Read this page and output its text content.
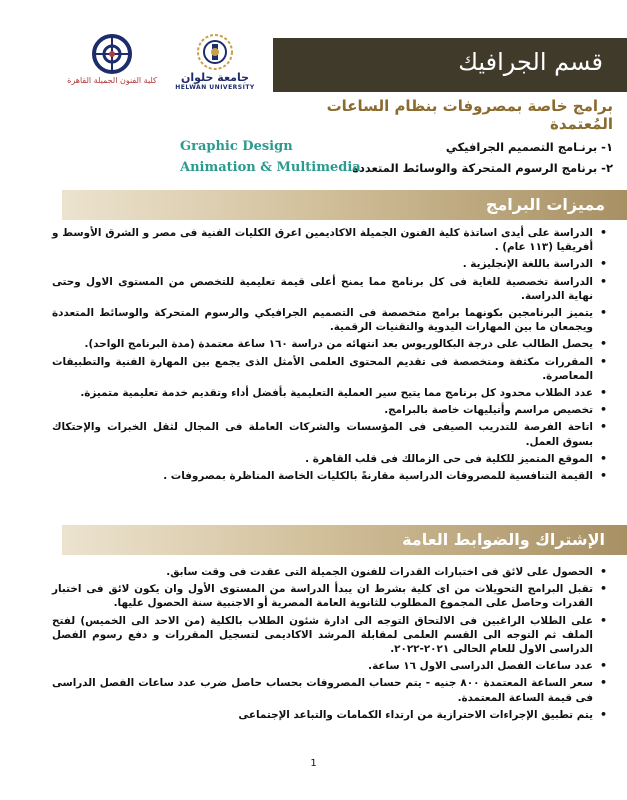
كلية الفنون الجميلة القاهرة	جامعة حلوان
HELWAN UNIVERSITY
قسم الجرافيك
برامج خاصة بمصروفات بنظام الساعات المُعتمدة
١- برنـامج التصميم الجرافيكي
Graphic Design
٢- برنامج الرسوم المتحركة والوسائط المتعددة
Animation & Multimedia
مميزات البرامج
• الدراسة على أيدى اساتذة كلية الفنون الجميلة الاكاديمين اعرق الكليات الفنية فى مصر و الشرق الأوسط و أفريقيا (١١٣ عام) .
• الدراسة باللغة الإنجليزية .
• الدراسة تخصصية للغاية فى كل برنامج مما يمنح أعلى قيمة تعليمية للتخصص من المستوى الاول وحتى نهاية الدراسة.
• يتميز البرنامجين بكونهما برامج متخصصة فى التصميم الجرافيكي والرسوم المتحركة والوسائط المتعددة ويجمعان ما بين المهارات اليدوية والتقنيات الرقمية.
• يحصل الطالب على درجة البكالوريوس بعد انتهائه من دراسة ١٦٠ ساعة معتمدة (مدة البرنامج الواحد).
• المقررات مكثفة ومتخصصة فى تقديم المحتوى العلمى الأمثل الذى يجمع بين المهارة الفنية والتطبيقات المعاصرة.
• عدد الطلاب محدود كل برنامج مما يتيح سير العملية التعليمية بأفضل أداء وتقديم خدمة تعليمية متميزة.
• تخصيص مراسم وأتيليهات خاصة بالبرامج.
• اتاحة الفرصة للتدريب الصيفى فى المؤسسات والشركات العاملة فى المجال لثقل الخبرات والإحتكاك بسوق العمل.
• الموقع المتميز للكلية فى حى الزمالك فى قلب القاهرة .
• القيمة التنافسية للمصروفات الدراسية مقارنةً بالكليات الخاصة المناظرة بمصروفات .
الإشتراك والضوابط العامة
• الحصول على لائق فى اختبارات القدرات للفنون الجميلة التى عقدت فى وقت سابق.
• تقبل البرامج التحويلات من اى كلية بشرط ان يبدأ الدراسة من المستوى الأول وان يكون لائق فى اختبار القدرات وحاصل على المجموع المطلوب للثانوية العامة المصرية أو الاجنبية سنة الحصول عليها.
• على الطلاب الراغبين فى الالتحاق التوجه الى ادارة شئون الطلاب بالكلية (من الاحد الى الخميس) لفتح الملف ثم التوجه الى القسم العلمى لمقابلة المرشد الاكاديمى لتسجيل المقررات و دفع رسوم الفصل الدراسى الاول للعام الحالى ٢٠٢١-٢٠٢٢.
• عدد ساعات الفصل الدراسى الاول ١٦ ساعة.
• سعر الساعة المعتمدة ٨٠٠ جنيه - يتم حساب المصروفات بحساب حاصل ضرب عدد ساعات الفصل الدراسى فى قيمة الساعة المعتمدة.
• يتم تطبيق الإجراءات الاحترازية من ارتداء الكمامات والتباعد الإجتماعى
1
